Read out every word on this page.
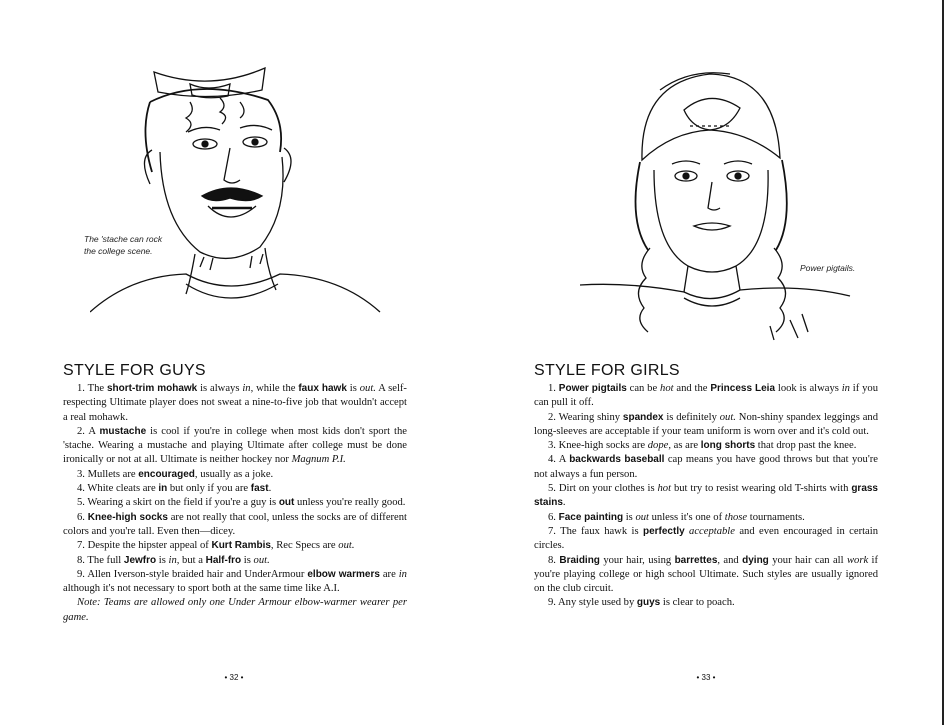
The 'stache can rock
the college scene.
STYLE FOR GUYS

1. The short-trim mohawk is always in, while the faux hawk is out. A self-respecting Ultimate player does not sweat a nine-to-five job that wouldn't accept a real mohawk.

2. A mustache is cool if you're in college when most kids don't sport the 'stache. Wearing a mustache and playing Ultimate after college must be done ironically or not at all. Ultimate is neither hockey nor Magnum P.I.

3. Mullets are encouraged, usually as a joke.

4. White cleats are in but only if you are fast.

5. Wearing a skirt on the field if you're a guy is out unless you're really good.

6. Knee-high socks are not really that cool, unless the socks are of different colors and you're tall. Even then—dicey.

7. Despite the hipster appeal of Kurt Rambis, Rec Specs are out.

8. The full Jewfro is in, but a Half-fro is out.

9. Allen Iverson-style braided hair and UnderArmour elbow warmers are in although it's not necessary to sport both at the same time like A.I.

Note: Teams are allowed only one Under Armour elbow-warmer wearer per game.

• 32 •
Power pigtails.
STYLE FOR GIRLS

1. Power pigtails can be hot and the Princess Leia look is always in if you can pull it off.

2. Wearing shiny spandex is definitely out. Non-shiny spandex leggings and long-sleeves are acceptable if your team uniform is worn over and it's cold out.

3. Knee-high socks are dope, as are long shorts that drop past the knee.

4. A backwards baseball cap means you have good throws but that you're not always a fun person.

5. Dirt on your clothes is hot but try to resist wearing old T-shirts with grass stains.

6. Face painting is out unless it's one of those tournaments.

7. The faux hawk is perfectly acceptable and even encouraged in certain circles.

8. Braiding your hair, using barrettes, and dying your hair can all work if you're playing college or high school Ultimate. Such styles are usually ignored on the club circuit.

9. Any style used by guys is clear to poach.

• 33 •
